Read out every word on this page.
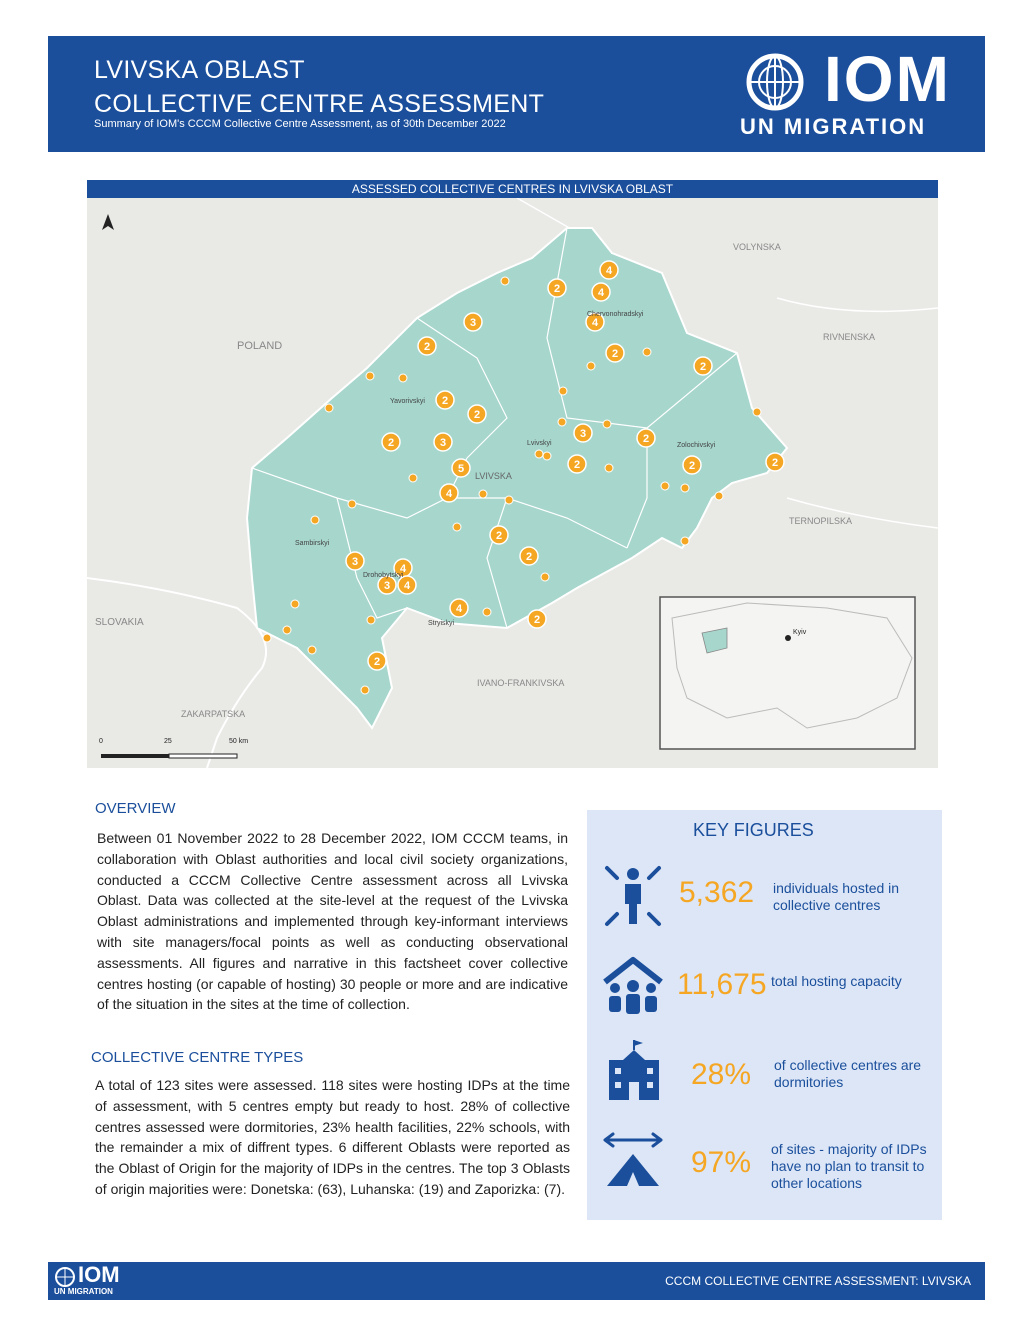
LVIVSKA OBLAST
COLLECTIVE CENTRE ASSESSMENT
Summary of IOM's CCCM Collective Centre Assessment, as of 30th December 2022
IOM
UN MIGRATION
ASSESSED COLLECTIVE CENTRES IN LVIVSKA OBLAST
4
2	4
4
3
2
2
2
2
2
2	3
3	2
2
5
4
2	2
2
2
3
4
3 4
4
2
2
VOLYNSKA
RIVNENSKA
POLAND
TERNOPILSKA
SLOVAKIA
IVANO-FRANKIVSKA
ZAKARPATSKA
LVIVSKA
Chervonohradskyi
Yavorivskyi
Lvivskyi	Zolochivskyi
Sambirskyi
Drohobytskyi
Stryiskyi
Kyiv
0	25	50 km
OVERVIEW
Between 01 November 2022 to 28 December 2022, IOM CCCM teams, in collaboration with Oblast authorities and local civil society organizations, conducted a CCCM Collective Centre assessment across all Lvivska Oblast. Data was collected at the site-level at the request of the Lvivska Oblast administrations and implemented through key-informant interviews with site managers/focal points as well as conducting observational assessments. All figures and narrative in this factsheet cover collective centres hosting (or capable of hosting) 30 people or more and are indicative of the situation in the sites at the time of collection.
COLLECTIVE CENTRE TYPES
A total of 123 sites were assessed. 118 sites were hosting IDPs at the time of assessment, with 5 centres empty but ready to host. 28% of collective centres assessed were dormitories, 23% health facilities, 22% schools, with the remainder a mix of diffrent types. 6 different Oblasts were reported as the Oblast of Origin for the majority of IDPs in the centres. The top 3 Oblasts of origin majorities were: Donetska: (63), Luhanska: (19) and Zaporizka: (7).
KEY FIGURES
5,362 individuals hosted in collective centres
11,675 total hosting capacity
28% of collective centres are dormitories
97% of sites - majority of IDPs have no plan to transit to other locations
IOM
UN MIGRATION
CCCM COLLECTIVE CENTRE ASSESSMENT: LVIVSKA
